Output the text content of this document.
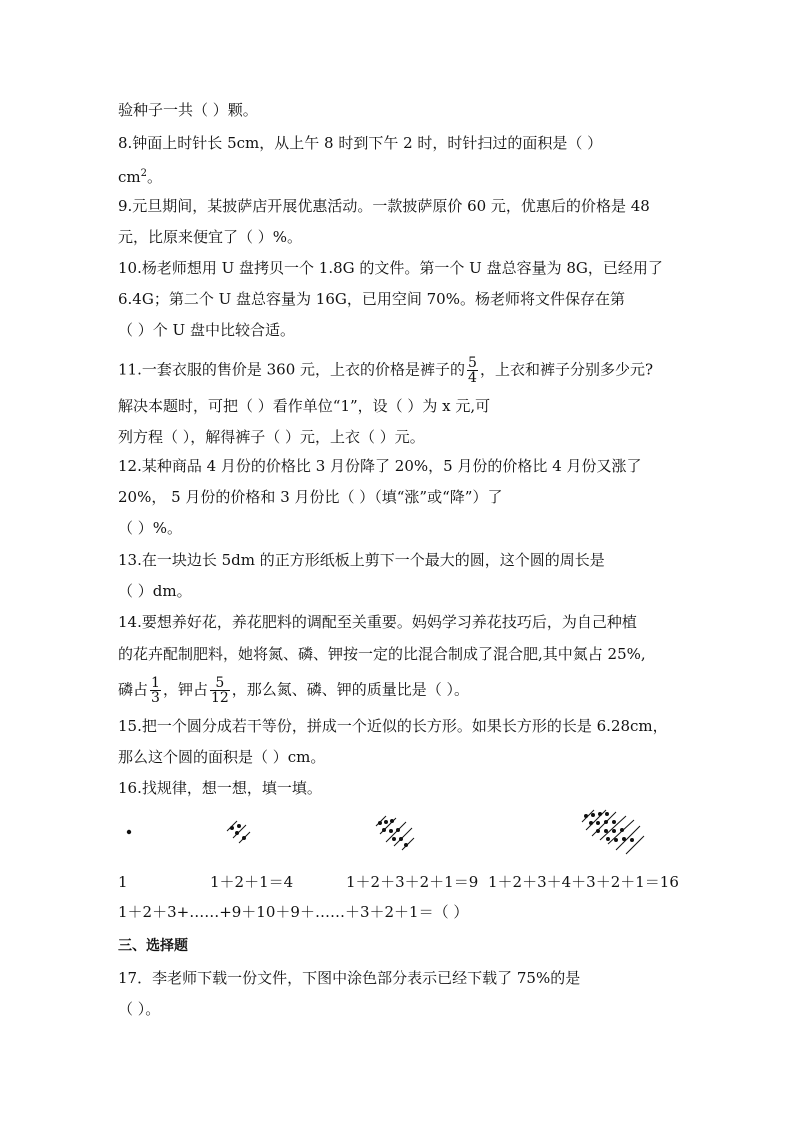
验种子一共（ ）颗。
8.钟面上时针长 5cm，从上午 8 时到下午 2 时，时针扫过的面积是（ ）
$cm^2$。
9.元旦期间，某披萨店开展优惠活动。一款披萨原价 60 元，优惠后的价格是 48
元，比原来便宜了（ ）%。
10.杨老师想用 U 盘拷贝一个 1.8G 的文件。第一个 U 盘总容量为 8G，已经用了
6.4G；第二个 U 盘总容量为 16G，已用空间 70%。杨老师将文件保存在第
（ ）个 U 盘中比较合适。
11.一套衣服的售价是 360 元，上衣的价格是裤子的 $\frac{5}{4}$ ，上衣和裤子分别多少元?
解决本题时，可把（ ）看作单位“1”，设（ ）为 x 元,可
列方程（ ），解得裤子（ ）元，上衣（ ）元。
12.某种商品 4 月份的价格比 3 月份降了 20%，5 月份的价格比 4 月份又涨了
20%， 5 月份的价格和 3 月份比（ ）（填“涨”或“降”）了
（ ）%。
13.在一块边长 5dm 的正方形纸板上剪下一个最大的圆，这个圆的周长是
（ ）dm。
14.要想养好花，养花肥料的调配至关重要。妈妈学习养花技巧后，为自己种植
的花卉配制肥料，她将氮、磷、钾按一定的比混合制成了混合肥,其中氮占 25%,
磷占 $\frac{1}{3}$ ，钾占 $\frac{5}{12}$ ，那么氮、磷、钾的质量比是（ ）。
15.把一个圆分成若干等份，拼成一个近似的长方形。如果长方形的长是 6.28cm，
那么这个圆的面积是（ ）cm。
16.找规律，想一想，填一填。
1	1＋2＋1＝4	1＋2＋3＋2＋1＝9 1＋2＋3＋4＋3＋2＋1＝16
1＋2＋3+……+9＋10＋9＋……＋3＋2＋1＝（ ）
三、选择题
17．李老师下载一份文件，下图中涂色部分表示已经下载了 75%的是
（ ）。
